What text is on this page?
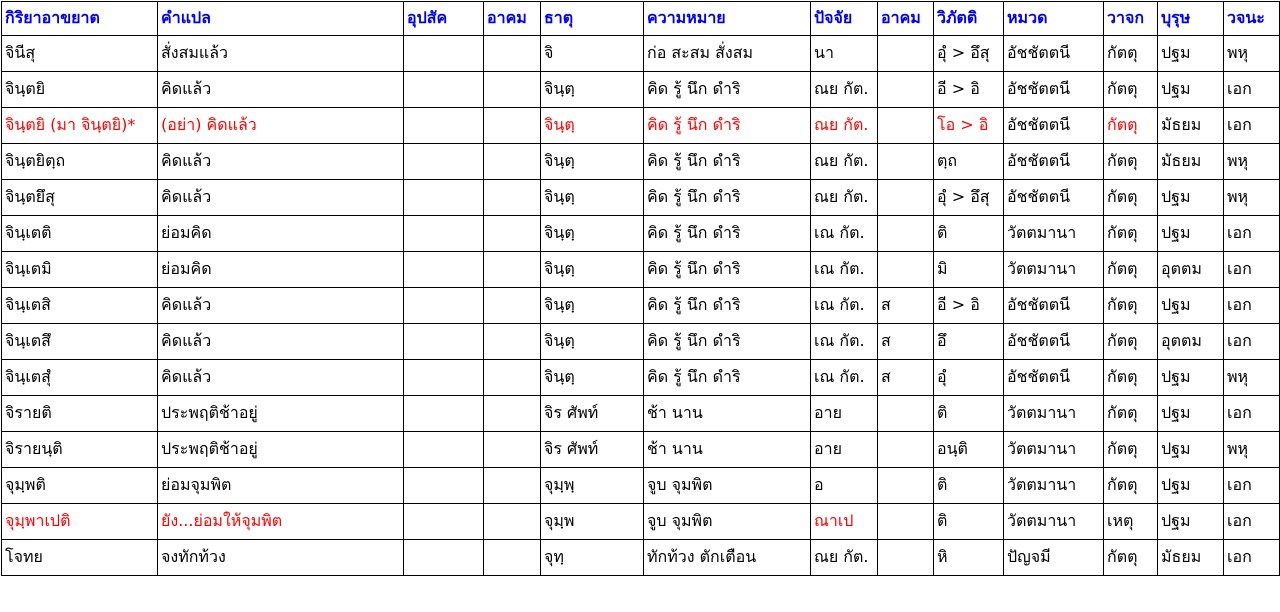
กิริยาอาขยาต	คำแปล	อุปสัค	อาคม	ธาตุ	ความหมาย	ปัจจัย	อาคม	วิภัตติ	หมวด	วาจก	บุรุษ	วจนะ
จินีสุ	สั่งสมแล้ว			จิ	ก่อ สะสม สั่งสม	นา		อุํ > อึสุ	อัชชัตตนี	กัตตุ	ปฐม	พหุ
จินฺตยิ	คิดแล้ว			จินฺตฺ	คิด รู้ นึก ดำริ	ณย กัต.		อี > อิ	อัชชัตตนี	กัตตุ	ปฐม	เอก
จินฺตยิ (มา จินฺตยิ)*	(อย่า) คิดแล้ว			จินฺตฺ	คิด รู้ นึก ดำริ	ณย กัต.		โอ > อิ	อัชชัตตนี	กัตตุ	มัธยม	เอก
จินฺตยิตฺถ	คิดแล้ว			จินฺตฺ	คิด รู้ นึก ดำริ	ณย กัต.		ตฺถ	อัชชัตตนี	กัตตุ	มัธยม	พหุ
จินฺตยึสุ	คิดแล้ว			จินฺตฺ	คิด รู้ นึก ดำริ	ณย กัต.		อุํ > อึสุ	อัชชัตตนี	กัตตุ	ปฐม	พหุ
จินฺเตติ	ย่อมคิด			จินฺตฺ	คิด รู้ นึก ดำริ	เณ กัต.		ติ	วัตตมานา	กัตตุ	ปฐม	เอก
จินฺเตมิ	ย่อมคิด			จินฺตฺ	คิด รู้ นึก ดำริ	เณ กัต.		มิ	วัตตมานา	กัตตุ	อุตตม	เอก
จินฺเตสิ	คิดแล้ว			จินฺตฺ	คิด รู้ นึก ดำริ	เณ กัต.	ส	อี > อิ	อัชชัตตนี	กัตตุ	ปฐม	เอก
จินฺเตสึ	คิดแล้ว			จินฺตฺ	คิด รู้ นึก ดำริ	เณ กัต.	ส	อึ	อัชชัตตนี	กัตตุ	อุตตม	เอก
จินฺเตสุํ	คิดแล้ว			จินฺตฺ	คิด รู้ นึก ดำริ	เณ กัต.	ส	อุํ	อัชชัตตนี	กัตตุ	ปฐม	พหุ
จิรายติ	ประพฤติช้าอยู่			จิร ศัพท์	ช้า นาน	อาย		ติ	วัตตมานา	กัตตุ	ปฐม	เอก
จิรายนฺติ	ประพฤติช้าอยู่			จิร ศัพท์	ช้า นาน	อาย		อนฺติ	วัตตมานา	กัตตุ	ปฐม	พหุ
จุมฺพติ	ย่อมจุมพิต			จุมฺพฺ	จูบ จุมพิต	อ		ติ	วัตตมานา	กัตตุ	ปฐม	เอก
จุมฺพาเปติ	ยัง...ย่อมให้จุมพิต			จุมฺพ	จูบ จุมพิต	ณาเป		ติ	วัตตมานา	เหตุ	ปฐม	เอก
โจทย	จงทักท้วง			จุทฺ	ทักท้วง ตักเตือน	ณย กัต.		หิ	ปัญจมี	กัตตุ	มัธยม	เอก
